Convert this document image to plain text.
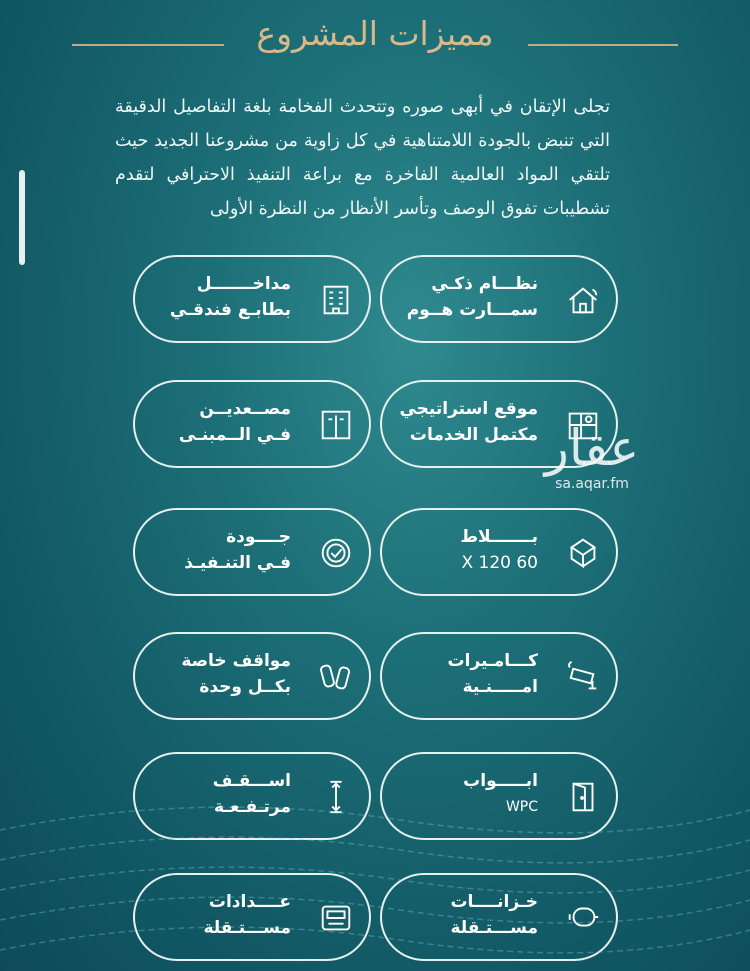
مميزات المشروع
تجلى الإتقان في أبهى صوره وتتحدث الفخامة بلغة التفاصيل الدقيقة التي تنبض بالجودة اللامتناهية في كل زاوية من مشروعنا الجديد حيث تلتقي المواد العالمية الفاخرة مع براعة التنفيذ الاحترافي لتقدم تشطيبات تفوق الوصف وتأسر الأنظار من النظرة الأولى
نظـــام ذكـي
سمـــارت هــوم
مداخـــــــل
بطابـع فندقـي
موقع استراتيجي
مكتمل الخدمات
مصــعديــن
فـي الــمبنـى
بـــــــلاط
60 X 120
جــــودة
فـي التنـفيـذ
كـــامـيرات
امـــــنـية
مواقف خاصة
بكــل وحدة
ابـــــواب
WPC
اســـقـف
مرتـفـعـة
خـزانــــات
مســـتـقلة
عــــدادات
مســـتـقلة
عقار
sa.aqar.fm
